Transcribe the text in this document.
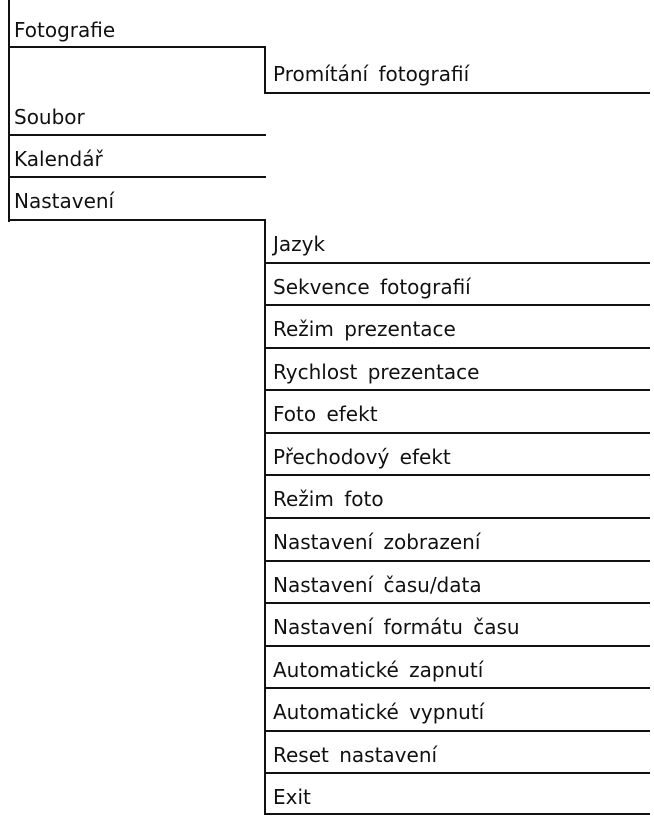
Fotografie
Promítání fotografií
Soubor
Kalendář
Nastavení
Jazyk
Sekvence fotografií
Režim prezentace
Rychlost prezentace
Foto efekt
Přechodový efekt
Režim foto
Nastavení zobrazení
Nastavení času/data
Nastavení formátu času
Automatické zapnutí
Automatické vypnutí
Reset nastavení
Exit
